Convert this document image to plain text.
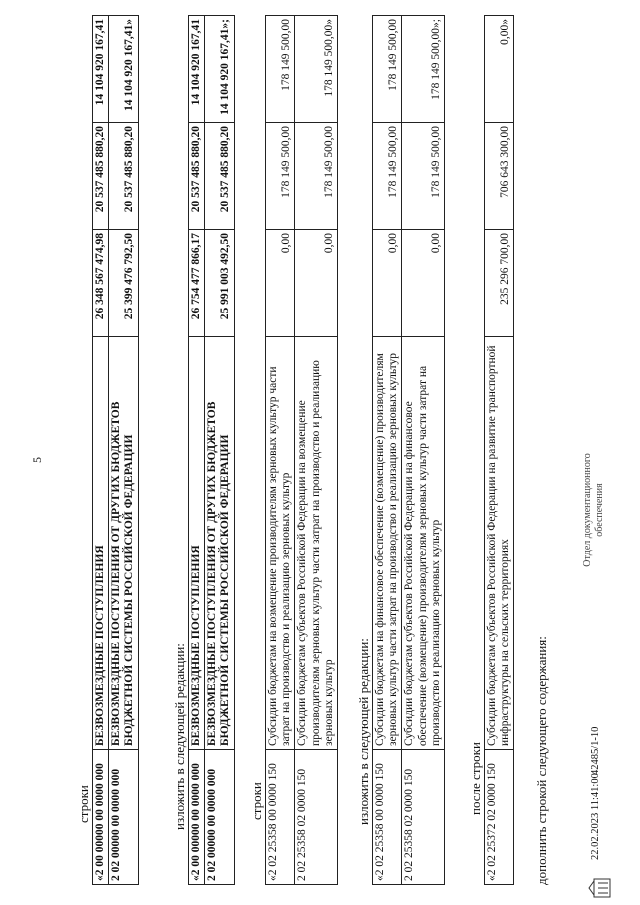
5
строки «2 00 00000 00 0000 000	БЕЗВОЗМЕЗДНЫЕ ПОСТУПЛЕНИЯ	26 348 567 474,98	20 537 485 880,20	14 104 920 167,41
2 02 00000 00 0000 000	БЕЗВОЗМЕЗДНЫЕ ПОСТУПЛЕНИЯ ОТ ДРУГИХ БЮДЖЕТОВ БЮДЖЕТНОЙ СИСТЕМЫ РОССИЙСКОЙ ФЕДЕРАЦИИ	25 399 476 792,50	20 537 485 880,20	14 104 920 167,41»
изложить в следующей редакции: «2 00 00000 00 0000 000	БЕЗВОЗМЕЗДНЫЕ ПОСТУПЛЕНИЯ	26 754 477 866,17	20 537 485 880,20	14 104 920 167,41
2 02 00000 00 0000 000	БЕЗВОЗМЕЗДНЫЕ ПОСТУПЛЕНИЯ ОТ ДРУГИХ БЮДЖЕТОВ БЮДЖЕТНОЙ СИСТЕМЫ РОССИЙСКОЙ ФЕДЕРАЦИИ	25 991 003 492,50	20 537 485 880,20	14 104 920 167,41»;
строки «2 02 25358 00 0000 150	Субсидии бюджетам на возмещение производителям зерновых культур части затрат на производство и реализацию зерновых культур	0,00	178 149 500,00	178 149 500,00
2 02 25358 02 0000 150	Субсидии бюджетам субъектов Российской Федерации на возмещение производителям зерновых культур части затрат на производство и реализацию зерновых культур	0,00	178 149 500,00	178 149 500,00»
изложить в следующей редакции: «2 02 25358 00 0000 150	Субсидии бюджетам на финансовое обеспечение (возмещение) производителям зерновых культур части затрат на производство и реализацию зерновых культур	0,00	178 149 500,00	178 149 500,00
2 02 25358 02 0000 150	Субсидии бюджетам субъектов Российской Федерации на финансовое обеспечение (возмещение) производителям зерновых культур части затрат на производство и реализацию зерновых культур	0,00	178 149 500,00	178 149 500,00»;
после строки «2 02 25372 02 0000 150	Субсидии бюджетам субъектов Российской Федерации на развитие транспортной инфраструктуры на сельских территориях	235 296 700,00	706 643 300,00	0,00»
дополнить строкой следующего содержания:	22.02.2023 11:41:00
42485/1-10
Отдел документационного обеспечения
